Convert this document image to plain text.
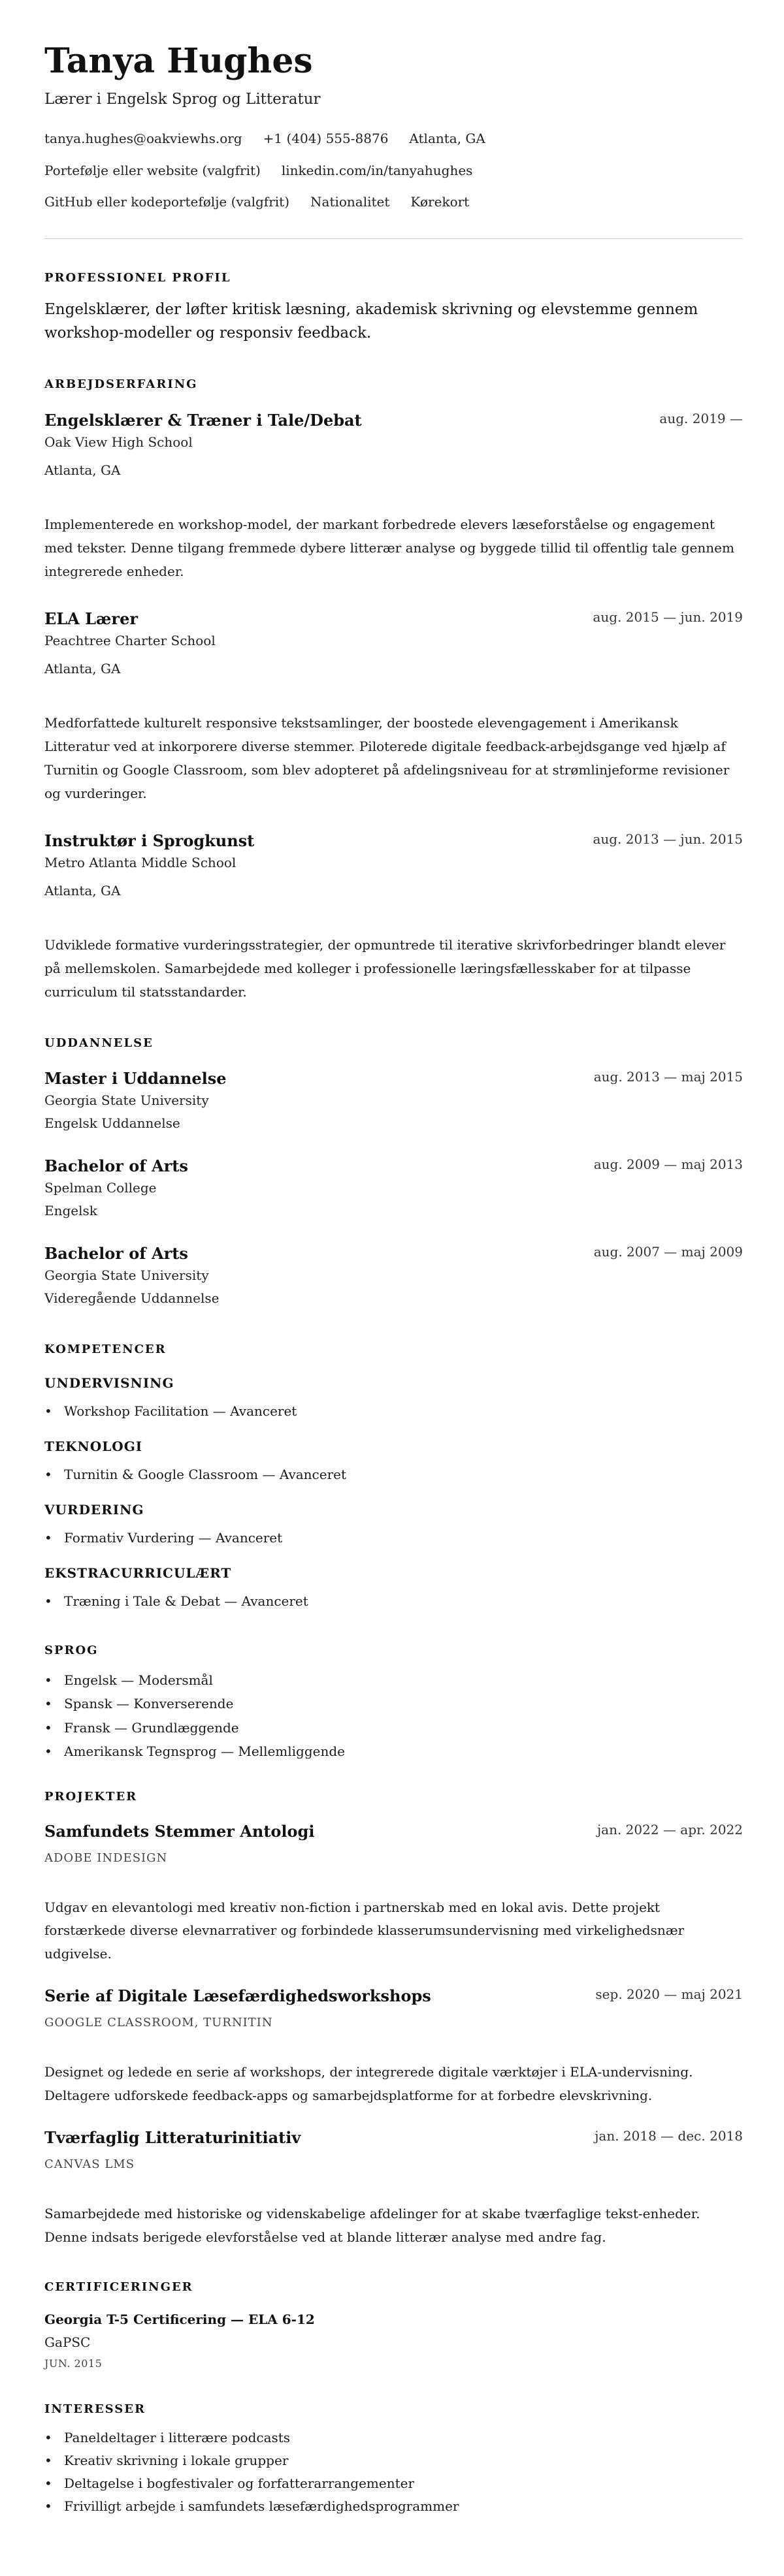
Tanya Hughes
Lærer i Engelsk Sprog og Litteratur
tanya.hughes@oakviewhs.org +1 (404) 555-8876 Atlanta, GA
Portefølje eller website (valgfrit) linkedin.com/in/tanyahughes
GitHub eller kodeportefølje (valgfrit) Nationalitet Kørekort
PROFESSIONEL PROFIL

Engelsklærer, der løfter kritisk læsning, akademisk skrivning og elevstemme gennem workshop-modeller og responsiv feedback.

ARBEJDSERFARING
Engelsklærer & Træner i Tale/Debat	aug. 2019 —
Oak View High School
Atlanta, GA
Implementerede en workshop-model, der markant forbedrede elevers læseforståelse og engagement med tekster. Denne tilgang fremmede dybere litterær analyse og byggede tillid til offentlig tale gennem integrerede enheder.
ELA Lærer	aug. 2015 — jun. 2019
Peachtree Charter School
Atlanta, GA
Medforfattede kulturelt responsive tekstsamlinger, der boostede elevengagement i Amerikansk Litteratur ved at inkorporere diverse stemmer. Piloterede digitale feedback-arbejdsgange ved hjælp af Turnitin og Google Classroom, som blev adopteret på afdelingsniveau for at strømlinjeforme revisioner og vurderinger.
Instruktør i Sprogkunst	aug. 2013 — jun. 2015
Metro Atlanta Middle School
Atlanta, GA
Udviklede formative vurderingsstrategier, der opmuntrede til iterative skrivforbedringer blandt elever på mellemskolen. Samarbejdede med kolleger i professionelle læringsfællesskaber for at tilpasse curriculum til statsstandarder.
UDDANNELSE
Master i Uddannelse	aug. 2013 — maj 2015
Georgia State University
Engelsk Uddannelse
Bachelor of Arts	aug. 2009 — maj 2013
Spelman College
Engelsk
Bachelor of Arts	aug. 2007 — maj 2009
Georgia State University
Videregående Uddannelse
KOMPETENCER
UNDERVISNING
• Workshop Facilitation — Avanceret
TEKNOLOGI
• Turnitin & Google Classroom — Avanceret
VURDERING
• Formativ Vurdering — Avanceret
EKSTRACURRICULÆRT
• Træning i Tale & Debat — Avanceret
SPROG
• Engelsk — Modersmål
• Spansk — Konverserende
• Fransk — Grundlæggende
• Amerikansk Tegnsprog — Mellemliggende
PROJEKTER
Samfundets Stemmer Antologi	jan. 2022 — apr. 2022
ADOBE INDESIGN
Udgav en elevantologi med kreativ non-fiction i partnerskab med en lokal avis. Dette projekt forstærkede diverse elevnarrativer og forbindede klasserumsundervisning med virkelighedsnær udgivelse.
Serie af Digitale Læsefærdighedsworkshops	sep. 2020 — maj 2021
GOOGLE CLASSROOM, TURNITIN
Designet og ledede en serie af workshops, der integrerede digitale værktøjer i ELA-undervisning. Deltagere udforskede feedback-apps og samarbejdsplatforme for at forbedre elevskrivning.
Tværfaglig Litteraturinitiativ	jan. 2018 — dec. 2018
CANVAS LMS
Samarbejdede med historiske og videnskabelige afdelinger for at skabe tværfaglige tekst-enheder. Denne indsats berigede elevforståelse ved at blande litterær analyse med andre fag.
CERTIFICERINGER
Georgia T-5 Certificering — ELA 6-12
GaPSC
JUN. 2015
INTERESSER
• Paneldeltager i litterære podcasts
• Kreativ skrivning i lokale grupper
• Deltagelse i bogfestivaler og forfatterarrangementer
• Frivilligt arbejde i samfundets læsefærdighedsprogrammer
